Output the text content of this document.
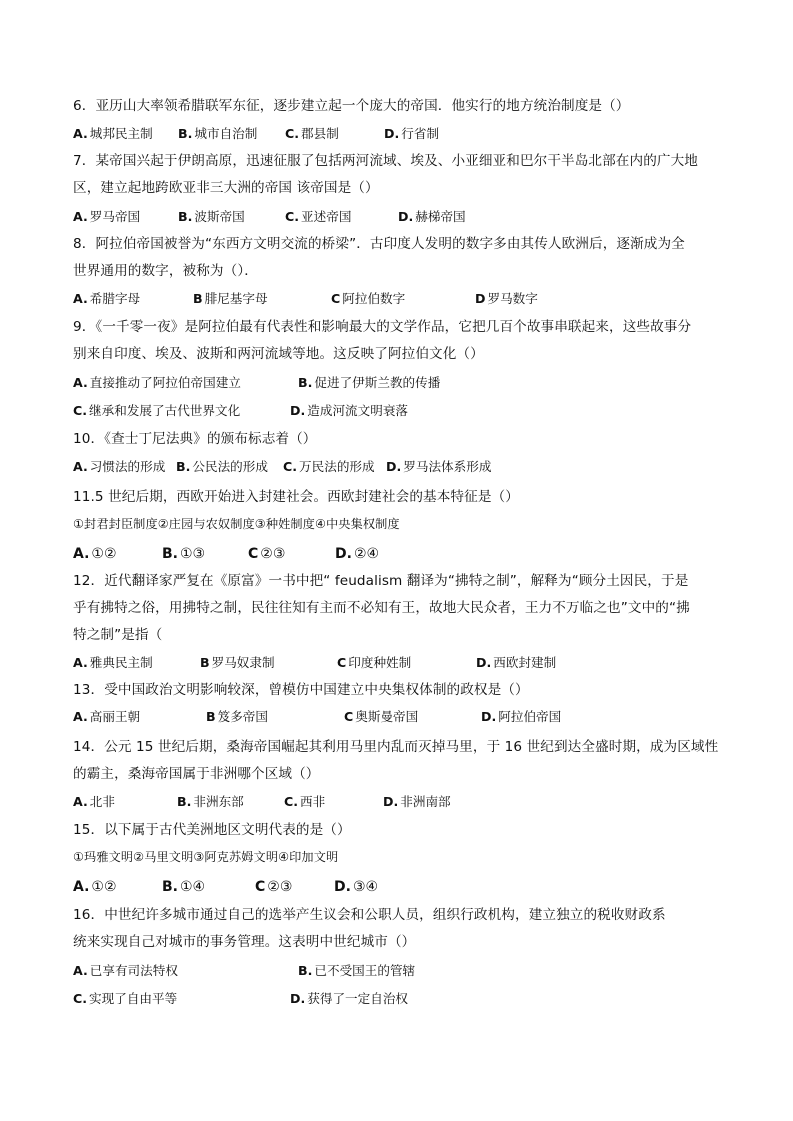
6．亚历山大率领希腊联军东征，逐步建立起一个庞大的帝国．他实行的地方统治制度是（）
A. 城邦民主制 B. 城市自治制 C. 郡县制	D. 行省制
7．某帝国兴起于伊朗高原，迅速征服了包括两河流域、埃及、小亚细亚和巴尔干半岛北部在内的广大地
区，建立起地跨欧亚非三大洲的帝国 该帝国是（）
A. 罗马帝国	B. 波斯帝国	C. 亚述帝国	D. 赫梯帝国
8．阿拉伯帝国被誉为“东西方文明交流的桥梁”．古印度人发明的数字多由其传人欧洲后，逐渐成为全
世界通用的数字，被称为（）．
A. 希腊字母	B 腓尼基字母	C 阿拉伯数字	D 罗马数字
9．《一千零一夜》是阿拉伯最有代表性和影响最大的文学作品，它把几百个故事串联起来，这些故事分
别来自印度、埃及、波斯和两河流域等地。这反映了阿拉伯文化（）
A. 直接推动了阿拉伯帝国建立	B. 促进了伊斯兰教的传播
C. 继承和发展了古代世界文化	D. 造成河流文明衰落
10．《查士丁尼法典》的颁布标志着（）
A. 习惯法的形成 B. 公民法的形成 C. 万民法的形成 D. 罗马法体系形成
11.5 世纪后期，西欧开始进入封建社会。西欧封建社会的基本特征是（）
①封君封臣制度②庄园与农奴制度③种姓制度④中央集权制度
A. ①②	B. ①③	C ②③	D. ②④
12．近代翻译家严复在《原富》一书中把“ feudalism 翻译为“拂特之制”，解释为“顾分土因民，于是
乎有拂特之俗，用拂特之制，民往往知有主而不必知有王，故地大民众者，王力不万临之也”文中的“拂
特之制”是指（
A. 雅典民主制	B 罗马奴隶制	C 印度种姓制	D. 西欧封建制
13．受中国政治文明影响较深，曾模仿中国建立中央集权体制的政权是（）
A. 高丽王朝	B 笈多帝国	C 奥斯曼帝国	D. 阿拉伯帝国
14．公元 15 世纪后期，桑海帝国崛起其利用马里内乱而灭掉马里，于 16 世纪到达全盛时期，成为区域性
的霸主，桑海帝国属于非洲哪个区域（）
A. 北非	B. 非洲东部	C. 西非	D. 非洲南部
15．以下属于古代美洲地区文明代表的是（）
①玛雅文明②马里文明③阿克苏姆文明④印加文明
A. ①②	B. ①④	C ②③	D. ③④
16．中世纪许多城市通过自己的选举产生议会和公职人员，组织行政机构，建立独立的税收财政系
统来实现自己对城市的事务管理。这表明中世纪城市（）
A. 已享有司法特权	B. 已不受国王的管辖
C. 实现了自由平等	D. 获得了一定自治权
